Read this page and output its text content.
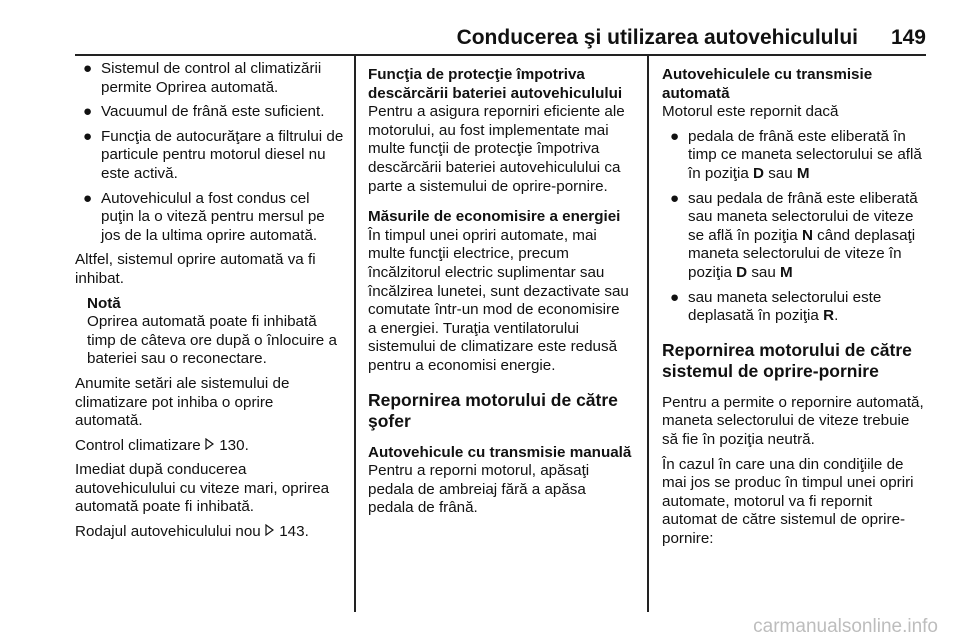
Conducerea şi utilizarea autovehiculului 149
● Sistemul de control al climatizării permite Oprirea automată.
● Vacuumul de frână este suficient.
● Funcţia de autocurăţare a filtrului de particule pentru motorul diesel nu este activă.
● Autovehiculul a fost condus cel puţin la o viteză pentru mersul pe jos de la ultima oprire automată.

Altfel, sistemul oprire automată va fi inhibat.

Notă
Oprirea automată poate fi inhibată timp de câteva ore după o înlocuire a bateriei sau o reconectare.

Anumite setări ale sistemului de climatizare pot inhiba o oprire automată.

Control climatizare 130.

Imediat după conducerea autovehiculului cu viteze mari, oprirea automată poate fi inhibată.

Rodajul autovehiculului nou 143.

Funcţia de protecţie împotriva descărcării bateriei autovehiculului

Pentru a asigura reporniri eficiente ale motorului, au fost implementate mai multe funcţii de protecţie împotriva descărcării bateriei autovehiculului ca parte a sistemului de oprire-pornire.

Măsurile de economisire a energiei

În timpul unei opriri automate, mai multe funcţii electrice, precum încălzitorul electric suplimentar sau încălzirea lunetei, sunt dezactivate sau comutate într-un mod de economisire a energiei. Turaţia ventilatorului sistemului de climatizare este redusă pentru a economisi energie.

Repornirea motorului de către şofer
Autovehicule cu transmisie manuală

Pentru a reporni motorul, apăsaţi pedala de ambreiaj fără a apăsa pedala de frână.

Autovehiculele cu transmisie automată

Motorul este repornit dacă

● pedala de frână este eliberată în timp ce maneta selectorului se află în poziţia D sau M
● sau pedala de frână este eliberată sau maneta selectorului de viteze se află în poziţia N când deplasaţi maneta selectorului de viteze în poziţia D sau M
● sau maneta selectorului este deplasată în poziţia R.
Repornirea motorului de către sistemul de oprire-pornire

Pentru a permite o repornire automată, maneta selectorului de viteze trebuie să fie în poziţia neutră.

În cazul în care una din condiţiile de mai jos se produc în timpul unei opriri automate, motorul va fi repornit automat de către sistemul de oprire-pornire:

carmanualsonline.info
